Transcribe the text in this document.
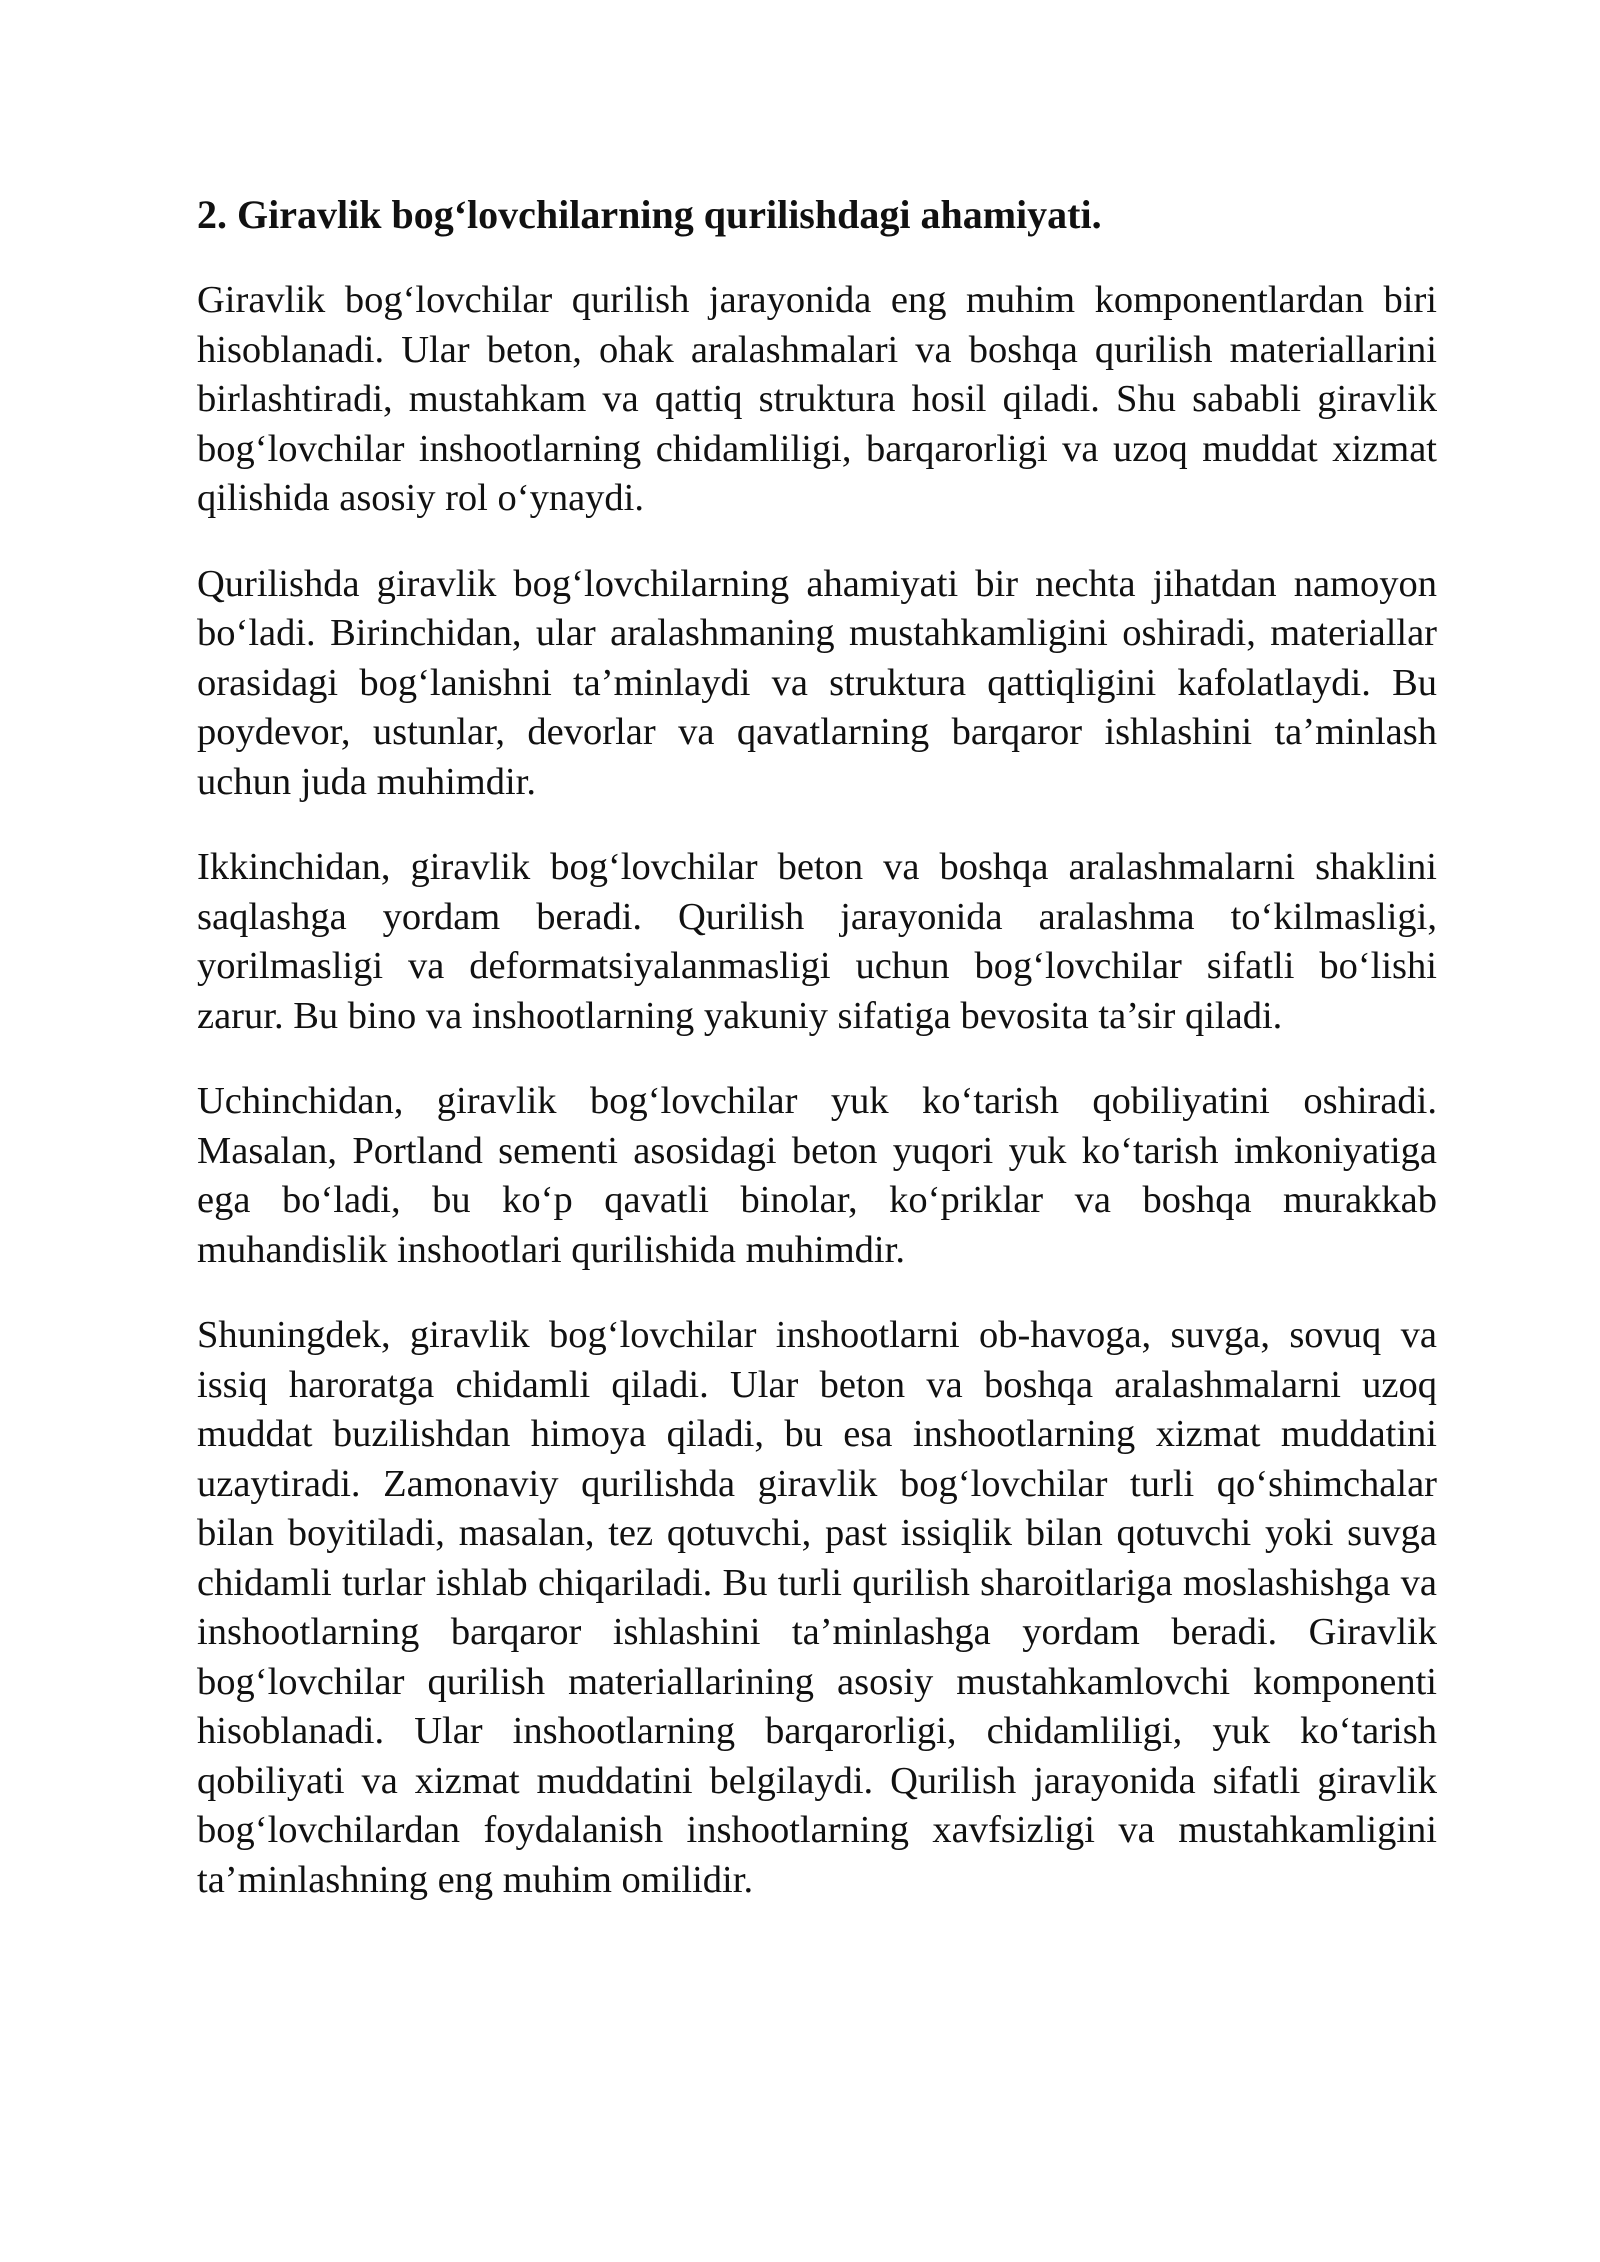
2. Giravlik bog‘lovchilarning qurilishdagi ahamiyati.

Giravlik bog‘lovchilar qurilish jarayonida eng muhim komponentlardan biri hisoblanadi. Ular beton, ohak aralashmalari va boshqa qurilish materiallarini birlashtiradi, mustahkam va qattiq struktura hosil qiladi. Shu sababli giravlik bog‘lovchilar inshootlarning chidamliligi, barqarorligi va uzoq muddat xizmat qilishida asosiy rol o‘ynaydi.

Qurilishda giravlik bog‘lovchilarning ahamiyati bir nechta jihatdan namoyon bo‘ladi. Birinchidan, ular aralashmaning mustahkamligini oshiradi, materiallar orasidagi bog‘lanishni ta’minlaydi va struktura qattiqligini kafolatlaydi. Bu poydevor, ustunlar, devorlar va qavatlarning barqaror ishlashini ta’minlash uchun juda muhimdir.

Ikkinchidan, giravlik bog‘lovchilar beton va boshqa aralashmalarni shaklini saqlashga yordam beradi. Qurilish jarayonida aralashma to‘kilmasligi, yorilmasligi va deformatsiyalanmasligi uchun bog‘lovchilar sifatli bo‘lishi zarur. Bu bino va inshootlarning yakuniy sifatiga bevosita ta’sir qiladi.

Uchinchidan, giravlik bog‘lovchilar yuk ko‘tarish qobiliyatini oshiradi. Masalan, Portland sementi asosidagi beton yuqori yuk ko‘tarish imkoniyatiga ega bo‘ladi, bu ko‘p qavatli binolar, ko‘priklar va boshqa murakkab muhandislik inshootlari qurilishida muhimdir.

Shuningdek, giravlik bog‘lovchilar inshootlarni ob-havoga, suvga, sovuq va issiq haroratga chidamli qiladi. Ular beton va boshqa aralashmalarni uzoq muddat buzilishdan himoya qiladi, bu esa inshootlarning xizmat muddatini uzaytiradi. Zamonaviy qurilishda giravlik bog‘lovchilar turli qo‘shimchalar bilan boyitiladi, masalan, tez qotuvchi, past issiqlik bilan qotuvchi yoki suvga chidamli turlar ishlab chiqariladi. Bu turli qurilish sharoitlariga moslashishga va inshootlarning barqaror ishlashini ta’minlashga yordam beradi. Giravlik bog‘lovchilar qurilish materiallarining asosiy mustahkamlovchi komponenti hisoblanadi. Ular inshootlarning barqarorligi, chidamliligi, yuk ko‘tarish qobiliyati va xizmat muddatini belgilaydi. Qurilish jarayonida sifatli giravlik bog‘lovchilardan foydalanish inshootlarning xavfsizligi va mustahkamligini ta’minlashning eng muhim omilidir.
